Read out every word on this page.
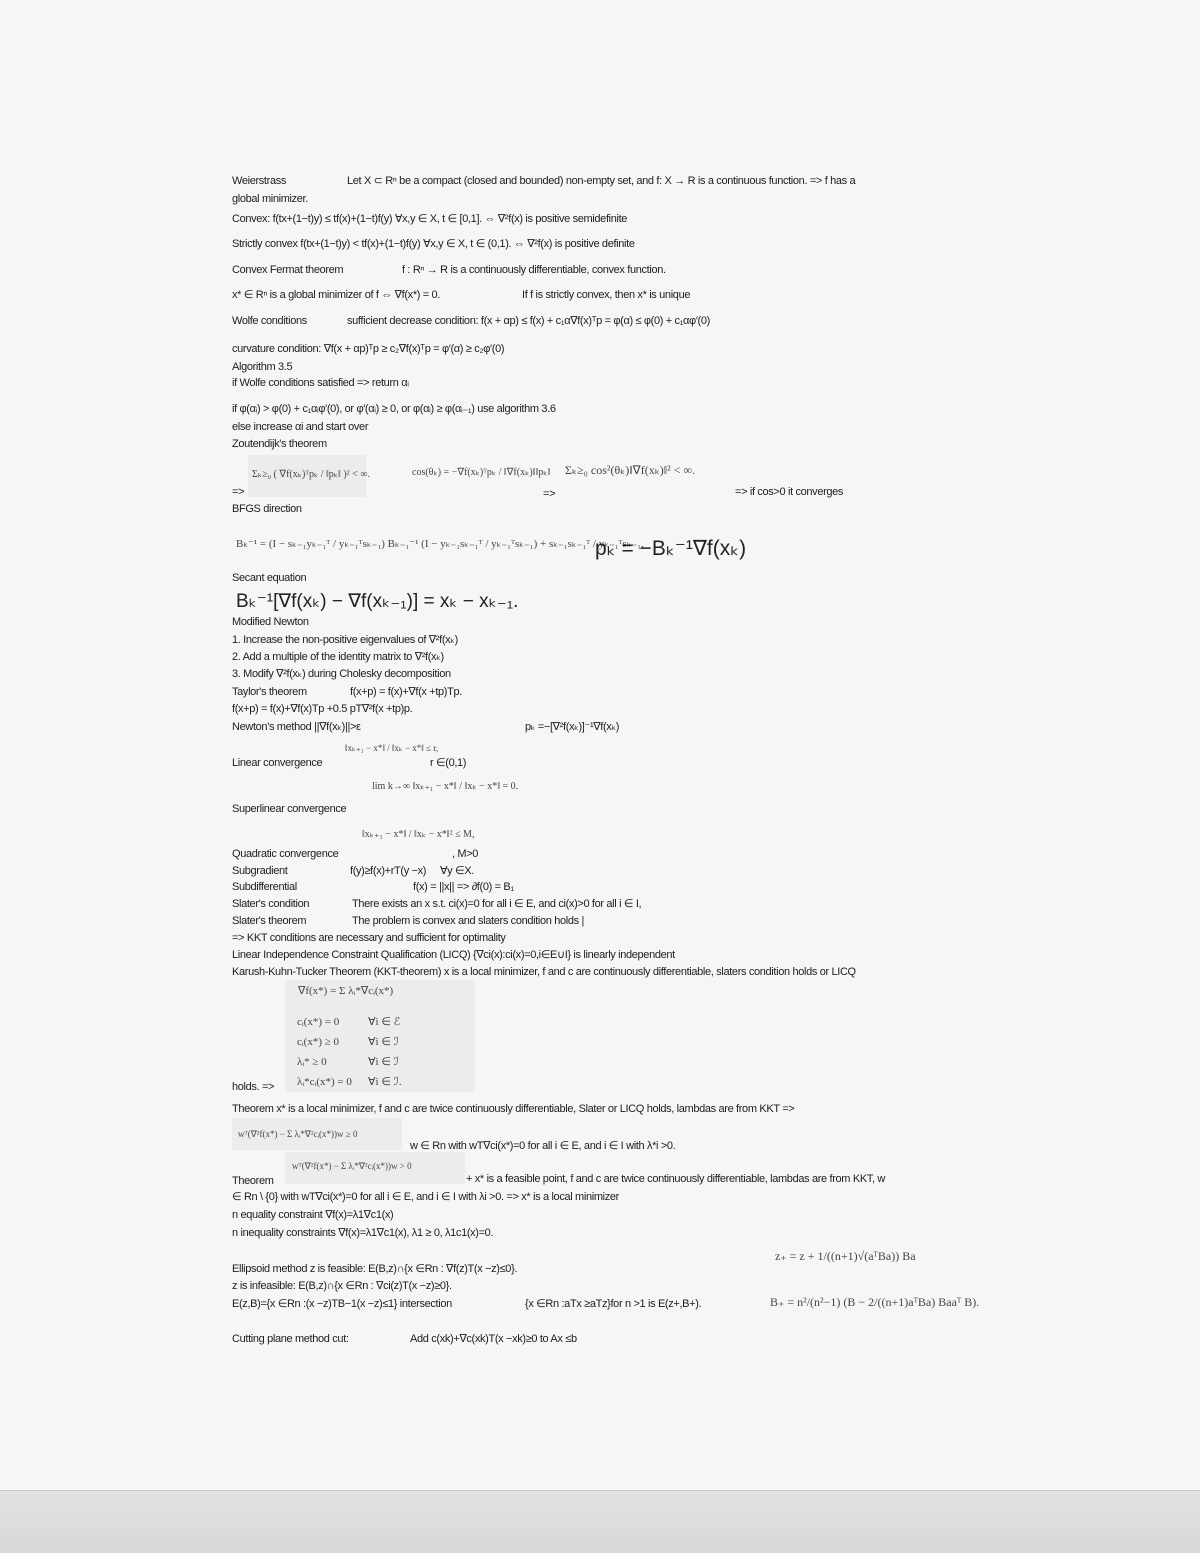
Weierstrass	Let X ⊂ Rⁿ be a compact (closed and bounded) non-empty set, and f: X → R is a continuous function. => f has a
global minimizer.
Convex: f(tx+(1−t)y) ≤ tf(x)+(1−t)f(y) ∀x,y ∈ X, t ∈ [0,1]. ⇔ ∇²f(x) is positive semidefinite
Strictly convex f(tx+(1−t)y) < tf(x)+(1−t)f(y) ∀x,y ∈ X, t ∈ (0,1). ⇔ ∇²f(x) is positive definite
Convex Fermat theorem	f : Rⁿ → R is a continuously differentiable, convex function.
x* ∈ Rⁿ is a global minimizer of f ⇔ ∇f(x*) = 0.	If f is strictly convex, then x* is unique
Wolfe conditions	sufficient decrease condition: f(x + αp) ≤ f(x) + c₁α∇f(x)ᵀp = φ(α) ≤ φ(0) + c₁αφ′(0)
curvature condition: ∇f(x + αp)ᵀp ≥ c₂∇f(x)ᵀp = φ′(α) ≥ c₂φ′(0)
Algorithm 3.5
if Wolfe conditions satisfied => return αᵢ
if φ(αᵢ) > φ(0) + c₁αᵢφ′(0), or φ′(αᵢ) ≥ 0, or φ(αᵢ) ≥ φ(αᵢ₋₁) use algorithm 3.6
else increase αi and start over
Zoutendijk's theorem
Σₖ≥₀ ( ∇f(xₖ)ᵀpₖ / ‖pₖ‖ )² < ∞.
=>
cos(θₖ) = −∇f(xₖ)ᵀpₖ / ‖∇f(xₖ)‖‖pₖ‖
=>
Σₖ≥₀ cos²(θₖ)‖∇f(xₖ)‖² < ∞.
=> if cos>0 it converges
BFGS direction
Bₖ⁻¹ = (I − sₖ₋₁yₖ₋₁ᵀ / yₖ₋₁ᵀsₖ₋₁) Bₖ₋₁⁻¹ (I − yₖ₋₁sₖ₋₁ᵀ / yₖ₋₁ᵀsₖ₋₁) + sₖ₋₁sₖ₋₁ᵀ / yₖ₋₁ᵀsₖ₋₁,
pₖ = −Bₖ⁻¹∇f(xₖ)
Secant equation
Bₖ⁻¹[∇f(xₖ) − ∇f(xₖ₋₁)] = xₖ − xₖ₋₁.
Modified Newton
1. Increase the non-positive eigenvalues of ∇²f(xₖ)
2. Add a multiple of the identity matrix to ∇²f(xₖ)
3. Modify ∇²f(xₖ) during Cholesky decomposition
Taylor's theorem	f(x+p) = f(x)+∇f(x +tp)Tp.
f(x+p) = f(x)+∇f(x)Tp +0.5 pT∇²f(x +tp)p.
Newton's method ||∇f(xₖ)||>ε	pₖ =−[∇²f(xₖ)]⁻¹∇f(xₖ)
‖xₖ₊₁ − x*‖ / ‖xₖ − x*‖ ≤ r,
Linear convergence	r ∈(0,1)
lim k→∞ ‖xₖ₊₁ − x*‖ / ‖xₖ − x*‖ = 0.
Superlinear convergence
‖xₖ₊₁ − x*‖ / ‖xₖ − x*‖² ≤ M,
Quadratic convergence	, M>0
Subgradient	f(y)≥f(x)+rT(y −x) ∀y ∈X.
Subdifferential	f(x) = ||x|| => ∂f(0) = B₁
Slater's condition	There exists an x s.t. ci(x)=0 for all i ∈ E, and ci(x)>0 for all i ∈ I,
Slater's theorem	The problem is convex and slaters condition holds |
=> KKT conditions are necessary and sufficient for optimality
Linear Independence Constraint Qualification (LICQ) {∇ci(x):ci(x)=0,i∈E∪I} is linearly independent
Karush-Kuhn-Tucker Theorem (KKT-theorem) x is a local minimizer, f and c are continuously differentiable, slaters condition holds or LICQ
∇f(x*) = Σ λᵢ*∇cᵢ(x*)
cᵢ(x*) = 0	∀i ∈ ℰ
cᵢ(x*) ≥ 0	∀i ∈ ℐ
λᵢ* ≥ 0	∀i ∈ ℐ
λᵢ*cᵢ(x*) = 0 ∀i ∈ ℐ.
holds. =>
Theorem x* is a local minimizer, f and c are twice continuously differentiable, Slater or LICQ holds, lambdas are from KKT =>
wᵀ(∇²f(x*) − Σ λᵢ*∇²cᵢ(x*))w ≥ 0
w ∈ Rn with wT∇ci(x*)=0 for all i ∈ E, and i ∈ I with λ*i >0.
wᵀ(∇²f(x*) − Σ λᵢ*∇²cᵢ(x*))w > 0
Theorem	+ x* is a feasible point, f and c are twice continuously differentiable, lambdas are from KKT, w
∈ Rn \ {0} with wT∇ci(x*)=0 for all i ∈ E, and i ∈ I with λi >0. => x* is a local minimizer
n equality constraint ∇f(x)=λ1∇c1(x)
n inequality constraints ∇f(x)=λ1∇c1(x), λ1 ≥ 0, λ1c1(x)=0.
Ellipsoid method z is feasible: E(B,z)∩{x ∈Rn : ∇f(z)T(x −z)≤0}.
z is infeasible: E(B,z)∩{x ∈Rn : ∇ci(z)T(x −z)≥0}.
E(z,B)={x ∈Rn :(x −z)TB−1(x −z)≤1} intersection	{x ∈Rn :aTx ≥aTz}for n >1 is E(z+,B+).
z₊ = z + 1/((n+1)√(aᵀBa)) Ba
B₊ = n²/(n²−1) (B − 2/((n+1)aᵀBa) Baaᵀ B).
Cutting plane method cut:	Add c(xk)+∇c(xk)T(x −xk)≥0 to Ax ≤b
